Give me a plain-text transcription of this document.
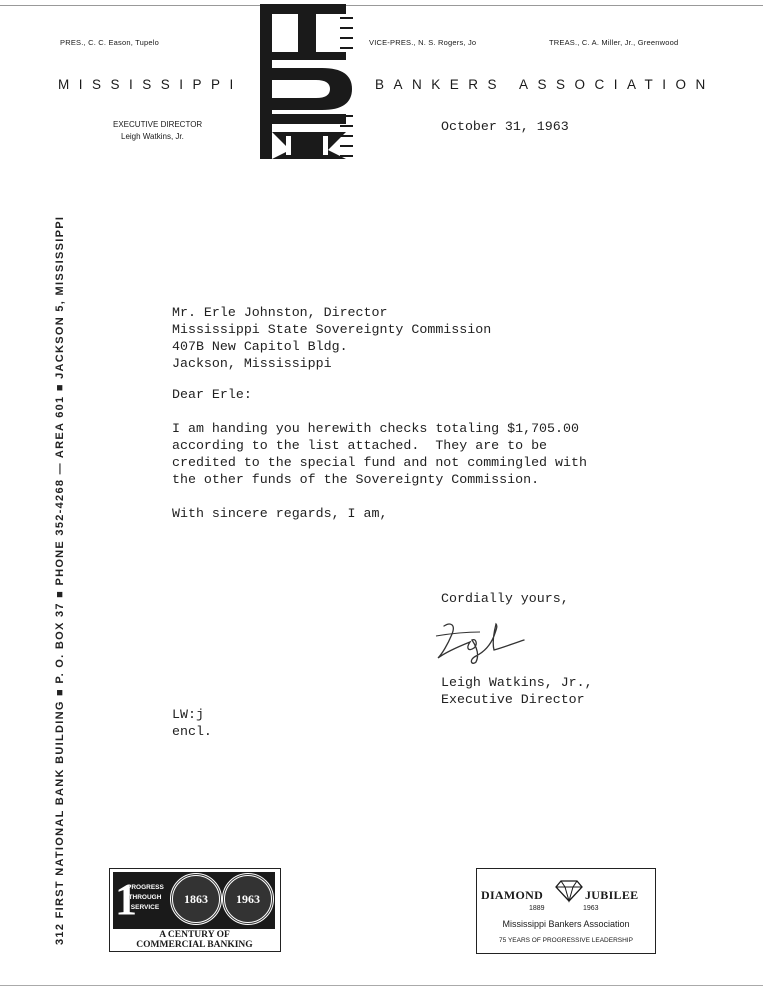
PRES., C. C. Eason, Tupelo	VICE-PRES., N. S. Rogers, Jo	TREAS., C. A. Miller, Jr., Greenwood
MISSISSIPPI	BANKERS ASSOCIATION
EXECUTIVE DIRECTOR
Leigh Watkins, Jr.
312 FIRST NATIONAL BANK BUILDING ■ P. O. BOX 37 ■ PHONE 352-4268 — AREA 601 ■ JACKSON 5, MISSISSIPPI
October 31, 1963
Mr. Erle Johnston, Director
Mississippi State Sovereignty Commission
407B New Capitol Bldg.
Jackson, Mississippi
Dear Erle:
I am handing you herewith checks totaling $1,705.00
according to the list attached.  They are to be
credited to the special fund and not commingled with
the other funds of the Sovereignty Commission.
With sincere regards, I am,
Cordially yours,
Leigh Watkins, Jr.,
Executive Director
LW:j
encl.
1
PROGRESS
THROUGH
SERVICE
1863 1963
A CENTURY OF
COMMERCIAL BANKING
DIAMOND	JUBILEE
1889	1963
Mississippi Bankers Association
75 YEARS OF PROGRESSIVE LEADERSHIP
